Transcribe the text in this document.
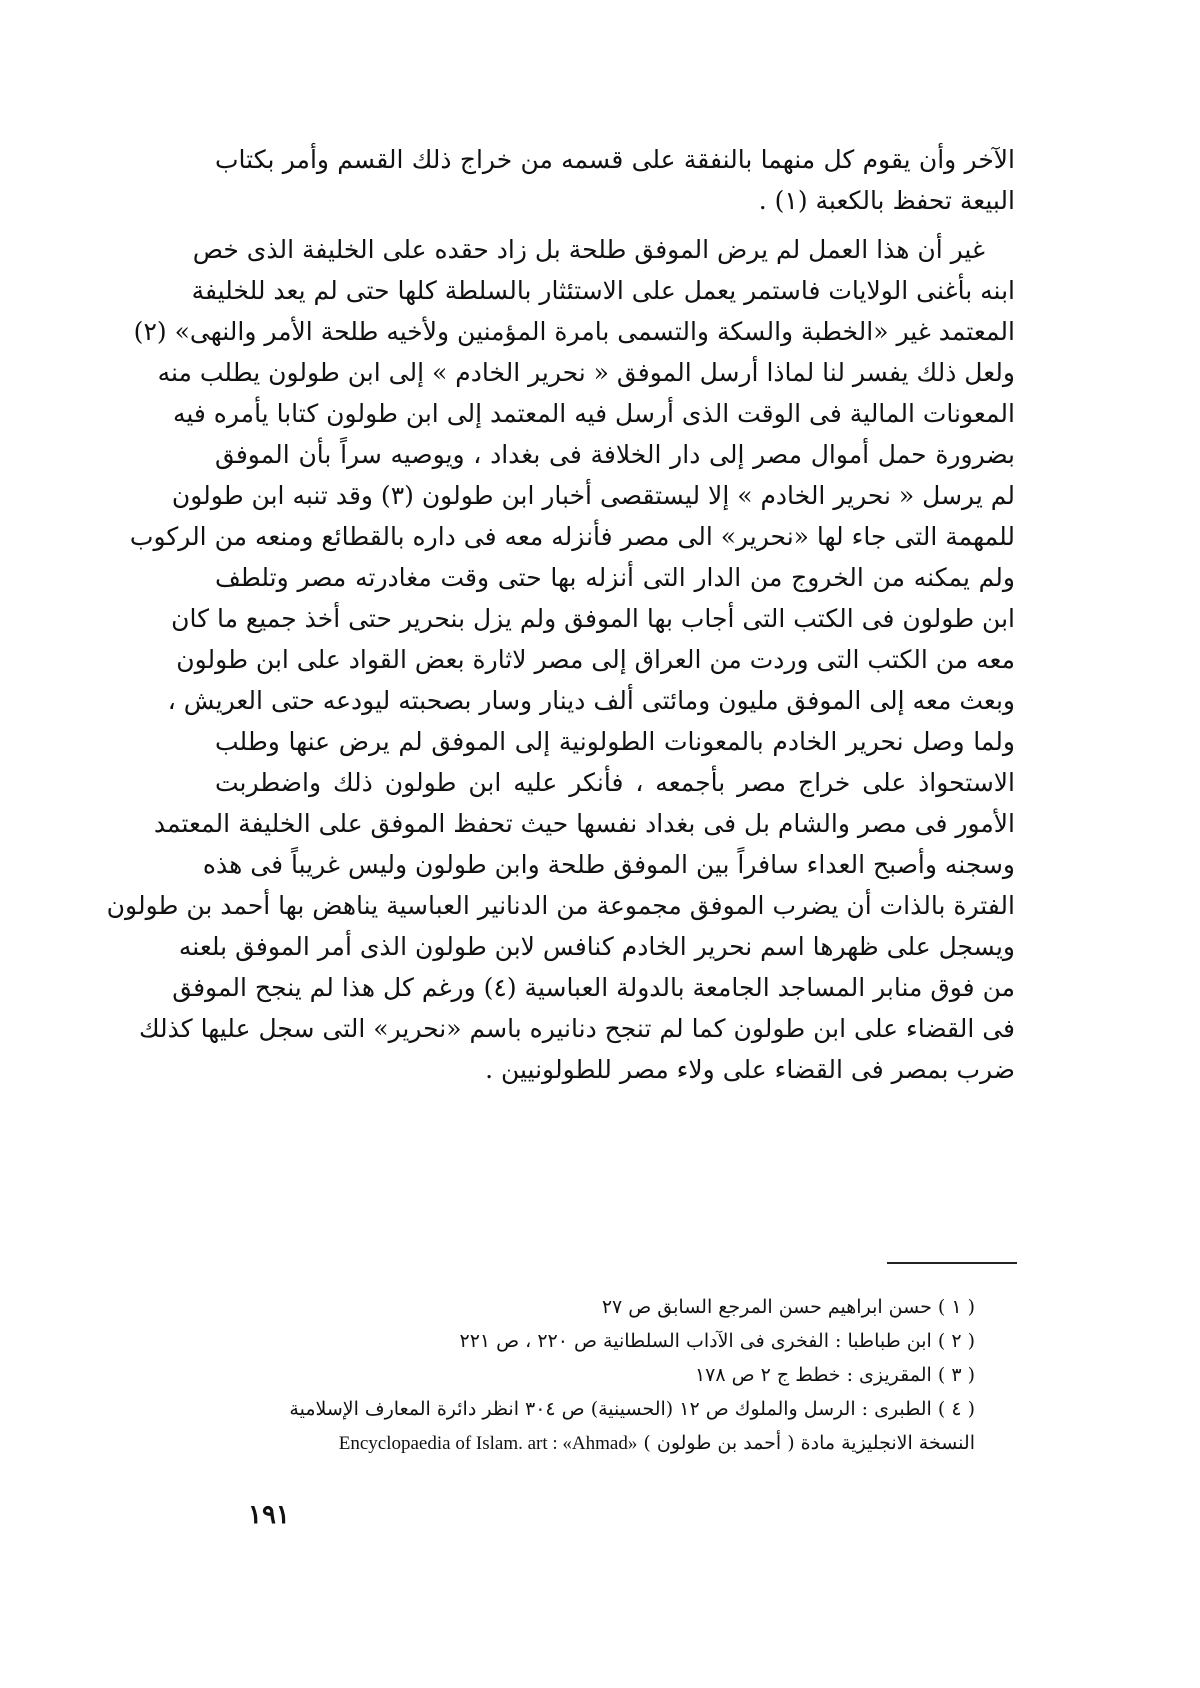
الآخر وأن يقوم كل منهما بالنفقة على قسمه من خراج ذلك القسم وأمر بكتاب
البيعة تحفظ بالكعبة (١) .
غير أن هذا العمل لم يرض الموفق طلحة بل زاد حقده على الخليفة الذى خص
ابنه بأغنى الولايات فاستمر يعمل على الاستئثار بالسلطة كلها حتى لم يعد للخليفة
المعتمد غير «الخطبة والسكة والتسمى بامرة المؤمنين ولأخيه طلحة الأمر والنهى» (٢)
ولعل ذلك يفسر لنا لماذا أرسل الموفق « نحرير الخادم » إلى ابن طولون يطلب منه
المعونات المالية فى الوقت الذى أرسل فيه المعتمد إلى ابن طولون كتابا يأمره فيه
بضرورة حمل أموال مصر إلى دار الخلافة فى بغداد ، ويوصيه سراً بأن الموفق
لم يرسل « نحرير الخادم » إلا ليستقصى أخبار ابن طولون (٣) وقد تنبه ابن طولون
للمهمة التى جاء لها «نحرير» الى مصر فأنزله معه فى داره بالقطائع ومنعه من الركوب
ولم يمكنه من الخروج من الدار التى أنزله بها حتى وقت مغادرته مصر وتلطف
ابن طولون فى الكتب التى أجاب بها الموفق ولم يزل بنحرير حتى أخذ جميع ما كان
معه من الكتب التى وردت من العراق إلى مصر لاثارة بعض القواد على ابن طولون
وبعث معه إلى الموفق مليون ومائتى ألف دينار وسار بصحبته ليودعه حتى العريش ،
ولما وصل نحرير الخادم بالمعونات الطولونية إلى الموفق لم يرض عنها وطلب
الاستحواذ على خراج مصر بأجمعه ، فأنكر عليه ابن طولون ذلك واضطربت
الأمور فى مصر والشام بل فى بغداد نفسها حيث تحفظ الموفق على الخليفة المعتمد
وسجنه وأصبح العداء سافراً بين الموفق طلحة وابن طولون وليس غريباً فى هذه
الفترة بالذات أن يضرب الموفق مجموعة من الدنانير العباسية يناهض بها أحمد بن طولون
ويسجل على ظهرها اسم نحرير الخادم كنافس لابن طولون الذى أمر الموفق بلعنه
من فوق منابر المساجد الجامعة بالدولة العباسية (٤) ورغم كل هذا لم ينجح الموفق
فى القضاء على ابن طولون كما لم تنجح دنانيره باسم «نحرير» التى سجل عليها كذلك
ضرب بمصر فى القضاء على ولاء مصر للطولونيين .
( ١ ) حسن ابراهيم حسن المرجع السابق ص ٢٧
( ٢ ) ابن طباطبا : الفخرى فى الآداب السلطانية ص ٢٢٠ ، ص ٢٢١
( ٣ ) المقريزى : خطط ج ٢ ص ١٧٨
( ٤ ) الطبرى : الرسل والملوك ص ١٢ (الحسينية) ص ٣٠٤ انظر دائرة المعارف الإسلامية
النسخة الانجليزية مادة ( أحمد بن طولون ) Encyclopaedia of Islam. art : «Ahmad»
١٩١
